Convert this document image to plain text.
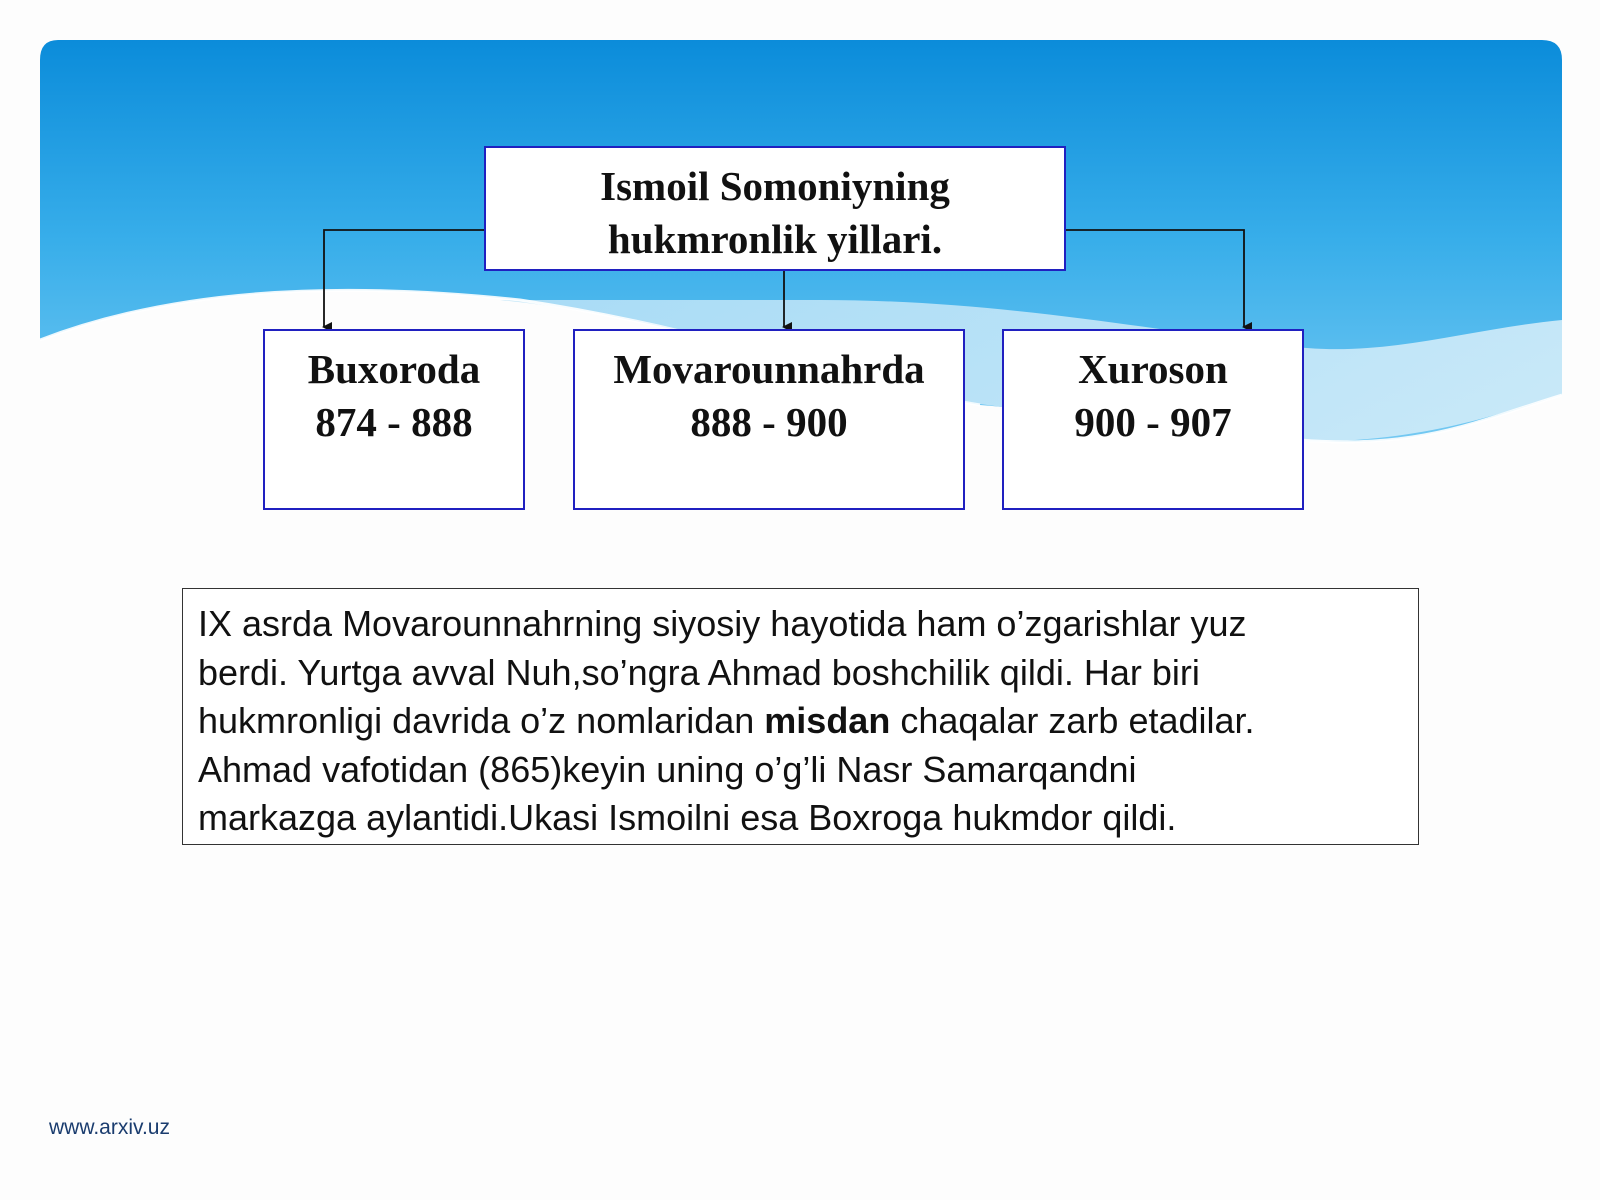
Ismoil Somoniyning
hukmronlik yillari.
Buxoroda
874 - 888
Movarounnahrda
888 - 900
Xuroson
900 - 907
IX asrda Movarounnahrning siyosiy hayotida ham o’zgarishlar yuz
berdi. Yurtga avval Nuh,so’ngra Ahmad boshchilik qildi. Har biri
hukmronligi davrida o’z nomlaridan misdan chaqalar zarb etadilar.
Ahmad vafotidan (865)keyin uning o’g’li Nasr Samarqandni
markazga aylantidi.Ukasi Ismoilni esa Boxroga hukmdor qildi.
www.arxiv.uz
